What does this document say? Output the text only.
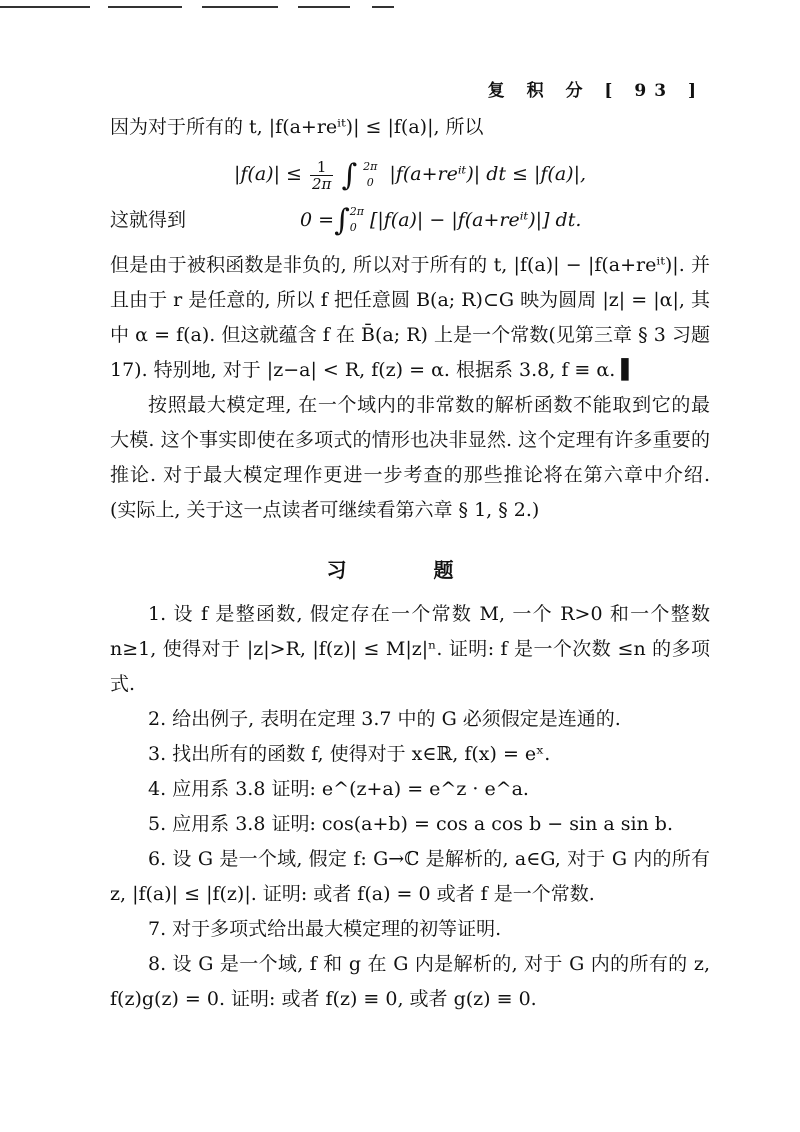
复 积 分 [ 93 ]

因为对于所有的 t, |f(a+reⁱᵗ)| ≤ |f(a)|, 所以

$|f(a)| \le \frac{1}{2\pi}$ ∫ 2π
0 |f(a+reⁱᵗ)| dt ≤ |f(a)|,
这就得到	0 = ∫ 2π
0 [|f(a)| − |f(a+reⁱᵗ)|] dt.

但是由于被积函数是非负的, 所以对于所有的 t, |f(a)| − |f(a+reⁱᵗ)|. 并且由于 r 是任意的, 所以 f 把任意圆 B(a; R)⊂G 映为圆周 |z| = |α|, 其中 α = f(a). 但这就蕴含 f 在 B̄(a; R) 上是一个常数(见第三章 § 3 习题 17). 特别地, 对于 |z−a| < R, f(z) = α. 根据系 3.8, f ≡ α. ▌

按照最大模定理, 在一个域内的非常数的解析函数不能取到它的最大模. 这个事实即使在多项式的情形也决非显然. 这个定理有许多重要的推论. 对于最大模定理作更进一步考查的那些推论将在第六章中介绍. (实际上, 关于这一点读者可继续看第六章 § 1, § 2.)

习 题

1. 设 f 是整函数, 假定存在一个常数 M, 一个 R>0 和一个整数 n≥1, 使得对于 |z|>R, |f(z)| ≤ M|z|ⁿ. 证明: f 是一个次数 ≤n 的多项式.

2. 给出例子, 表明在定理 3.7 中的 G 必须假定是连通的.

3. 找出所有的函数 f, 使得对于 x∈ℝ, f(x) = eˣ.

4. 应用系 3.8 证明: e^(z+a) = e^z · e^a.

5. 应用系 3.8 证明: cos(a+b) = cos a cos b − sin a sin b.

6. 设 G 是一个域, 假定 f: G→ℂ 是解析的, a∈G, 对于 G 内的所有 z, |f(a)| ≤ |f(z)|. 证明: 或者 f(a) = 0 或者 f 是一个常数.

7. 对于多项式给出最大模定理的初等证明.

8. 设 G 是一个域, f 和 g 在 G 内是解析的, 对于 G 内的所有的 z, f(z)g(z) = 0. 证明: 或者 f(z) ≡ 0, 或者 g(z) ≡ 0.
